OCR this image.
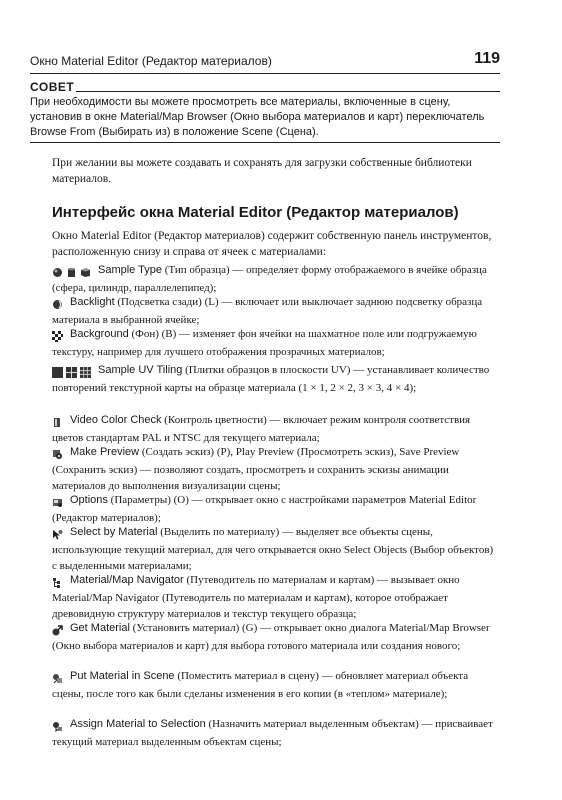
Окно Material Editor (Редактор материалов)	119
СОВЕТ
При необходимости вы можете просмотреть все материалы, включенные в сцену, установив в окне Material/Map Browser (Окно выбора материалов и карт) переключатель Browse From (Выбирать из) в положение Scene (Сцена).
При желании вы можете создавать и сохранять для загрузки собственные библиотеки материалов.
Интерфейс окна Material Editor (Редактор материалов)
Окно Material Editor (Редактор материалов) содержит собственную панель инструментов, расположенную снизу и справа от ячеек с материалами:
Sample Type (Тип образца) — определяет форму отображаемого в ячейке образца (сфера, цилиндр, параллелепипед);
Backlight (Подсветка сзади) (L) — включает или выключает заднюю подсветку образца материала в выбранной ячейке;
Background (Фон) (B) — изменяет фон ячейки на шахматное поле или подгружаемую текстуру, например для лучшего отображения прозрачных материалов;
Sample UV Tiling (Плитки образцов в плоскости UV) — устанавливает количество повторений текстурной карты на образце материала (1 × 1, 2 × 2, 3 × 3, 4 × 4);
Video Color Check (Контроль цветности) — включает режим контроля соответствия цветов стандартам PAL и NTSC для текущего материала;
Make Preview (Создать эскиз) (P), Play Preview (Просмотреть эскиз), Save Preview (Сохранить эскиз) — позволяют создать, просмотреть и сохранить эскизы анимации материалов до выполнения визуализации сцены;
Options (Параметры) (O) — открывает окно с настройками параметров Material Editor (Редактор материалов);
Select by Material (Выделить по материалу) — выделяет все объекты сцены, использующие текущий материал, для чего открывается окно Select Objects (Выбор объектов) с выделенными материалами;
Material/Map Navigator (Путеводитель по материалам и картам) — вызывает окно Material/Map Navigator (Путеводитель по материалам и картам), которое отображает древовидную структуру материалов и текстур текущего образца;
Get Material (Установить материал) (G) — открывает окно диалога Material/Map Browser (Окно выбора материалов и карт) для выбора готового материала или создания нового;
Put Material in Scene (Поместить материал в сцену) — обновляет материал объекта сцены, после того как были сделаны изменения в его копии (в «теплом» материале);
Assign Material to Selection (Назначить материал выделенным объектам) — присваивает текущий материал выделенным объектам сцены;
